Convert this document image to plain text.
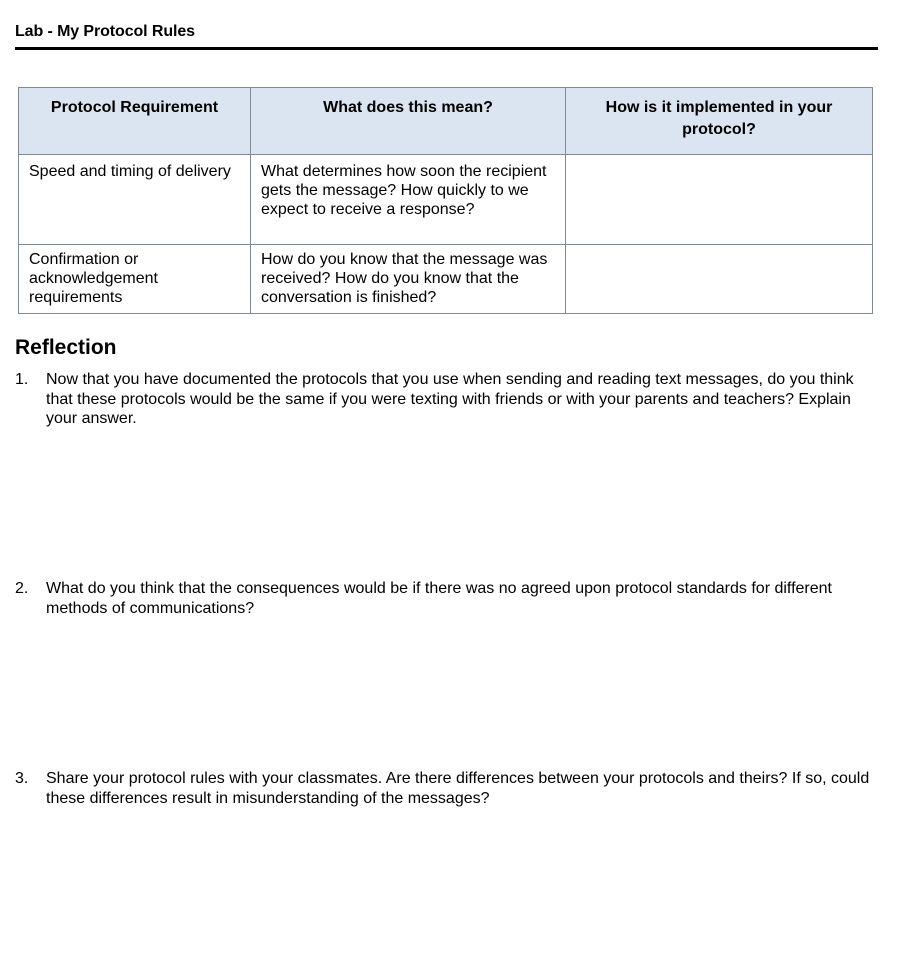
Lab - My Protocol Rules
Protocol Requirement	What does this mean?	How is it implemented in your protocol?
Speed and timing of delivery	What determines how soon the recipient gets the message? How quickly to we expect to receive a response?	
Confirmation or acknowledgement requirements	How do you know that the message was received? How do you know that the conversation is finished?	
Reflection
1. Now that you have documented the protocols that you use when sending and reading text messages, do you think that these protocols would be the same if you were texting with friends or with your parents and teachers? Explain your answer.
2. What do you think that the consequences would be if there was no agreed upon protocol standards for different methods of communications?
3. Share your protocol rules with your classmates. Are there differences between your protocols and theirs? If so, could these differences result in misunderstanding of the messages?
